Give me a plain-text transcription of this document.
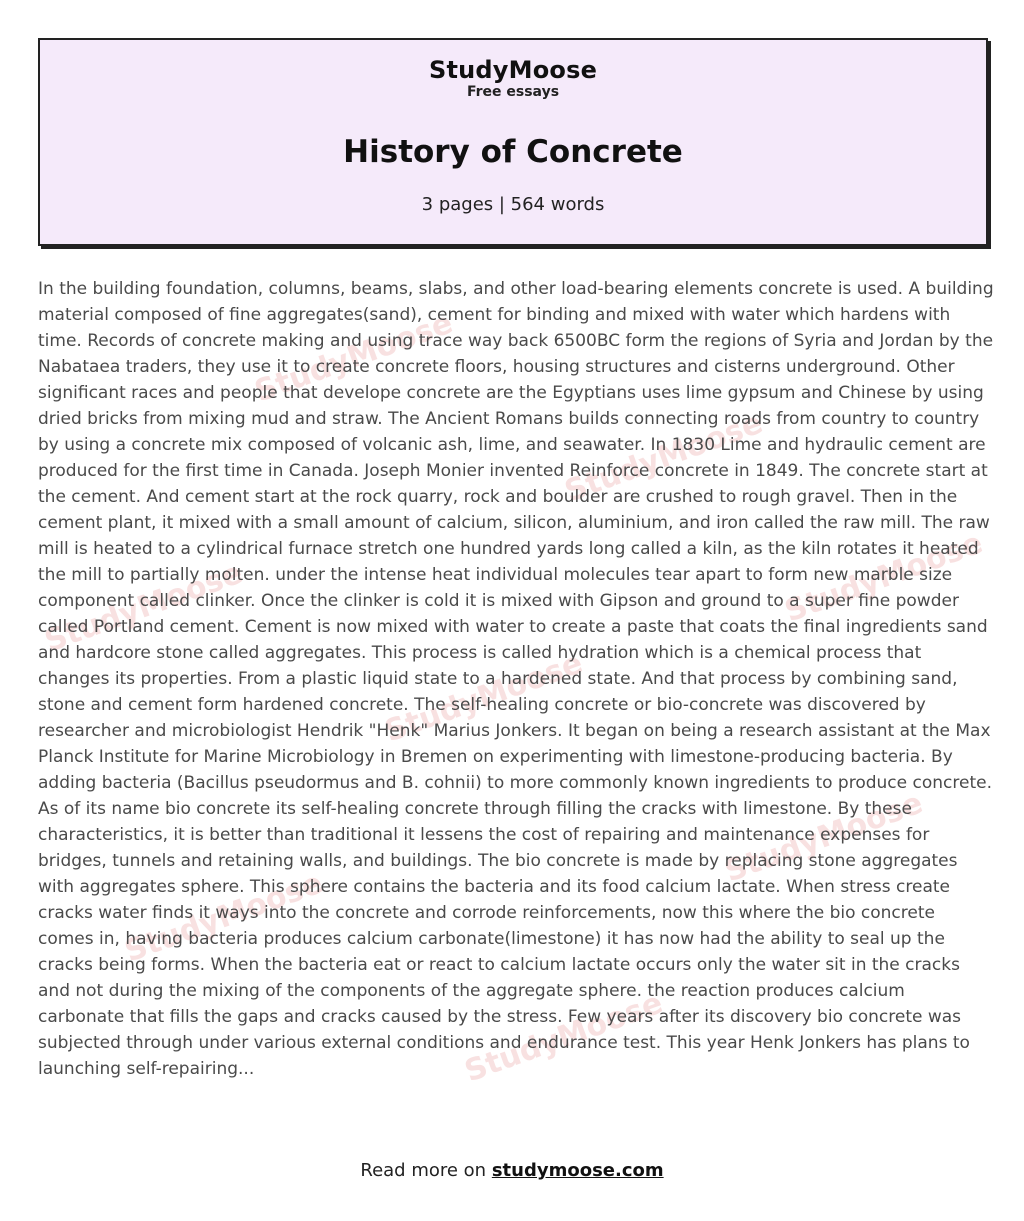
StudyMoose
StudyMoose
StudyMoose
StudyMoose
StudyMoose
StudyMoose
StudyMoose
StudyMoose
StudyMoose
Free essays
History of Concrete
3 pages | 564 words

In the building foundation, columns, beams, slabs, and other load-bearing elements concrete is used. A building material composed of fine aggregates(sand), cement for binding and mixed with water which hardens with time. Records of concrete making and using trace way back 6500BC form the regions of Syria and Jordan by the Nabataea traders, they use it to create concrete floors, housing structures and cisterns underground. Other significant races and people that develope concrete are the Egyptians uses lime gypsum and Chinese by using dried bricks from mixing mud and straw. The Ancient Romans builds connecting roads from country to country by using a concrete mix composed of volcanic ash, lime, and seawater. In 1830 Lime and hydraulic cement are produced for the first time in Canada. Joseph Monier invented Reinforce concrete in 1849. The concrete start at the cement. And cement start at the rock quarry, rock and boulder are crushed to rough gravel. Then in the cement plant, it mixed with a small amount of calcium, silicon, aluminium, and iron called the raw mill. The raw mill is heated to a cylindrical furnace stretch one hundred yards long called a kiln, as the kiln rotates it heated the mill to partially molten. under the intense heat individual molecules tear apart to form new marble size component called clinker. Once the clinker is cold it is mixed with Gipson and ground to a super fine powder called Portland cement. Cement is now mixed with water to create a paste that coats the final ingredients sand and hardcore stone called aggregates. This process is called hydration which is a chemical process that changes its properties. From a plastic liquid state to a hardened state. And that process by combining sand, stone and cement form hardened concrete. The self-healing concrete or bio-concrete was discovered by researcher and microbiologist Hendrik "Henk" Marius Jonkers. It began on being a research assistant at the Max Planck Institute for Marine Microbiology in Bremen on experimenting with limestone-producing bacteria. By adding bacteria (Bacillus pseudormus and B. cohnii) to more commonly known ingredients to produce concrete. As of its name bio concrete its self-healing concrete through filling the cracks with limestone. By these characteristics, it is better than traditional it lessens the cost of repairing and maintenance expenses for bridges, tunnels and retaining walls, and buildings. The bio concrete is made by replacing stone aggregates with aggregates sphere. This sphere contains the bacteria and its food calcium lactate. When stress create cracks water finds it ways into the concrete and corrode reinforcements, now this where the bio concrete comes in, having bacteria produces calcium carbonate(limestone) it has now had the ability to seal up the cracks being forms. When the bacteria eat or react to calcium lactate occurs only the water sit in the cracks and not during the mixing of the components of the aggregate sphere. the reaction produces calcium carbonate that fills the gaps and cracks caused by the stress. Few years after its discovery bio concrete was subjected through under various external conditions and endurance test. This year Henk Jonkers has plans to launching self-repairing...

Read more on studymoose.com
